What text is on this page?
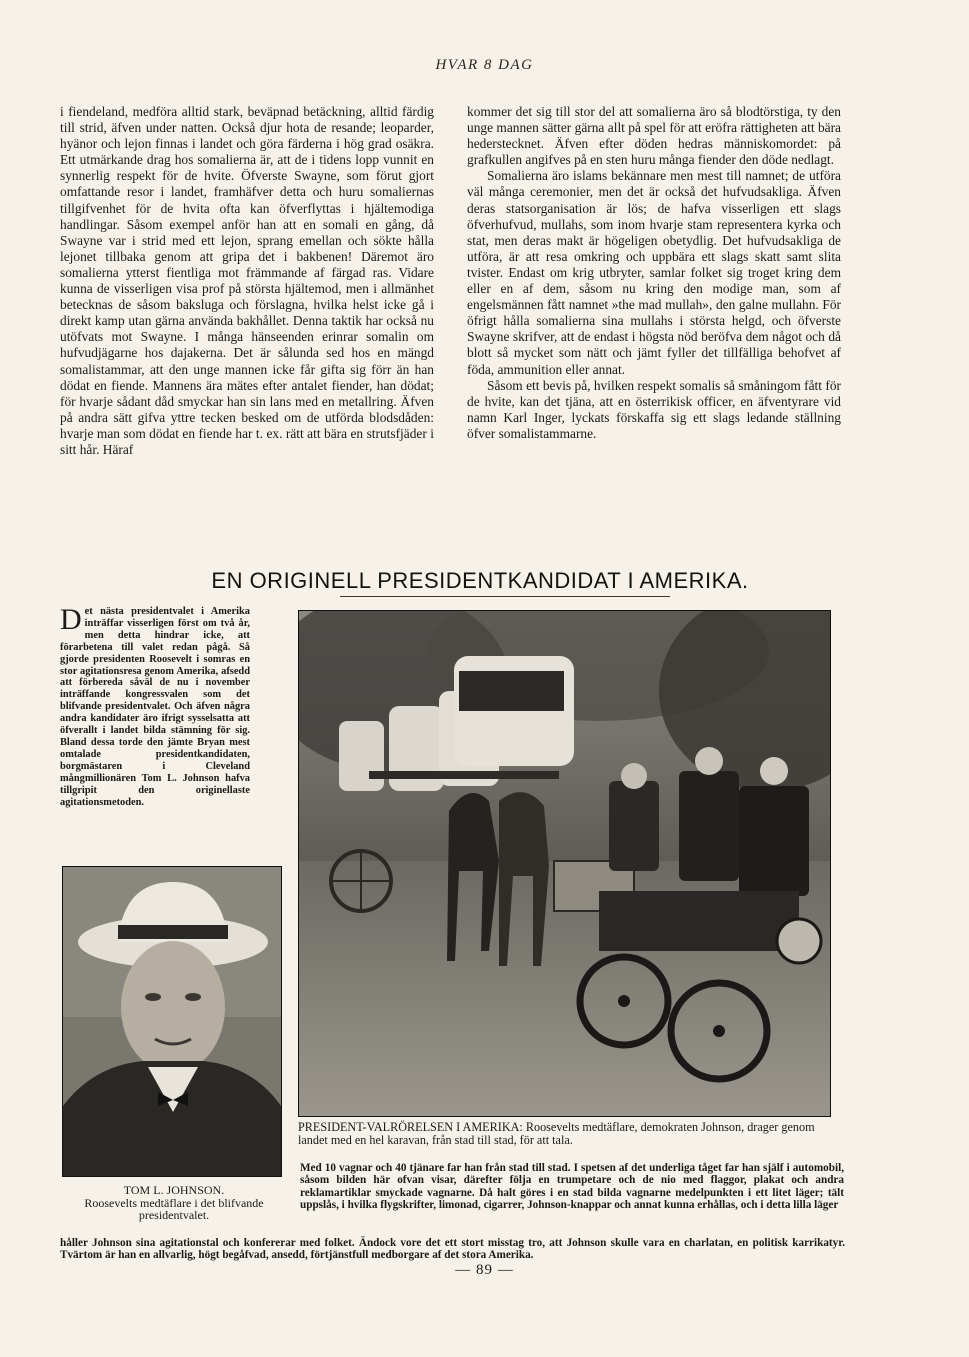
HVAR 8 DAG

i fiendeland, medföra alltid stark, beväpnad betäckning, alltid färdig till strid, äfven under natten. Också djur hota de resande; leoparder, hyänor och lejon finnas i landet och göra färderna i hög grad osäkra. Ett utmärkande drag hos somalierna är, att de i tidens lopp vunnit en synnerlig respekt för de hvite. Öfverste Swayne, som förut gjort omfattande resor i landet, framhäfver detta och huru somaliernas tillgifvenhet för de hvita ofta kan öfverflyttas i hjältemodiga handlingar. Såsom exempel anför han att en somali en gång, då Swayne var i strid med ett lejon, sprang emellan och sökte hålla lejonet tillbaka genom att gripa det i bakbenen! Däremot äro somalierna ytterst fientliga mot främmande af färgad ras. Vidare kunna de visserligen visa prof på största hjältemod, men i allmänhet betecknas de såsom baksluga och förslagna, hvilka helst icke gå i direkt kamp utan gärna använda bakhållet. Denna taktik har också nu utöfvats mot Swayne. I många hänseenden erinrar somalin om hufvudjägarne hos dajakerna. Det är sålunda sed hos en mängd somalistammar, att den unge mannen icke får gifta sig förr än han dödat en fiende. Mannens ära mätes efter antalet fiender, han dödat; för hvarje sådant dåd smyckar han sin lans med en metallring. Äfven på andra sätt gifva yttre tecken besked om de utförda blodsdåden: hvarje man som dödat en fiende har t. ex. rätt att bära en strutsfjäder i sitt hår. Häraf

kommer det sig till stor del att somalierna äro så blodtörstiga, ty den unge mannen sätter gärna allt på spel för att eröfra rättigheten att bära hederstecknet. Äfven efter döden hedras människomordet: på grafkullen angifves på en sten huru många fiender den döde nedlagt.

Somalierna äro islams bekännare men mest till namnet; de utföra väl många ceremonier, men det är också det hufvudsakliga. Äfven deras statsorganisation är lös; de hafva visserligen ett slags öfverhufvud, mullahs, som inom hvarje stam representera kyrka och stat, men deras makt är högeligen obetydlig. Det hufvudsakliga de utföra, är att resa omkring och uppbära ett slags skatt samt slita tvister. Endast om krig utbryter, samlar folket sig troget kring dem eller en af dem, såsom nu kring den modige man, som af engelsmännen fått namnet »the mad mullah», den galne mullahn. För öfrigt hålla somalierna sina mullahs i största helgd, och öfverste Swayne skrifver, att de endast i högsta nöd beröfva dem något och då blott så mycket som nätt och jämt fyller det tillfälliga behofvet af föda, ammunition eller annat.

Såsom ett bevis på, hvilken respekt somalis så småningom fått för de hvite, kan det tjäna, att en österrikisk officer, en äfventyrare vid namn Karl Inger, lyckats förskaffa sig ett slags ledande ställning öfver somalistammarne.

EN ORIGINELL PRESIDENTKANDIDAT I AMERIKA.
D et nästa presidentvalet i Amerika inträffar visserligen först om två år, men detta hindrar icke, att förarbetena till valet redan pågå. Så gjorde presidenten Roosevelt i somras en stor agitationsresa genom Amerika, afsedd att förbereda såväl de nu i november inträffande kongressvalen som det blifvande presidentvalet. Och äfven några andra kandidater äro ifrigt sysselsatta att öfverallt i landet bilda stämning för sig. Bland dessa torde den jämte Bryan mest omtalade presidentkandidaten, borgmästaren i Cleveland mångmillionären Tom L. Johnson hafva tillgripit den originellaste agitationsmetoden.
PRESIDENT-VALRÖRELSEN I AMERIKA: Roosevelts medtäflare, demokraten Johnson, drager genom landet med en hel karavan, från stad till stad, för att tala.
TOM L. JOHNSON.
Roosevelts medtäflare i det blifvande presidentvalet.
Med 10 vagnar och 40 tjänare far han från stad till stad. I spetsen af det underliga tåget far han själf i automobil, såsom bilden här ofvan visar, därefter följa en trumpetare och de nio med flaggor, plakat och andra reklamartiklar smyckade vagnarne. Då halt göres i en stad bilda vagnarne medelpunkten i ett litet läger; tält uppslås, i hvilka flygskrifter, limonad, cigarrer, Johnson-knappar och annat kunna erhållas, och i detta lilla läger
håller Johnson sina agitationstal och konfererar med folket. Ändock vore det ett stort misstag tro, att Johnson skulle vara en charlatan, en politisk karrikatyr. Tvärtom är han en allvarlig, högt begåfvad, ansedd, förtjänstfull medborgare af det stora Amerika.
— 89 —
